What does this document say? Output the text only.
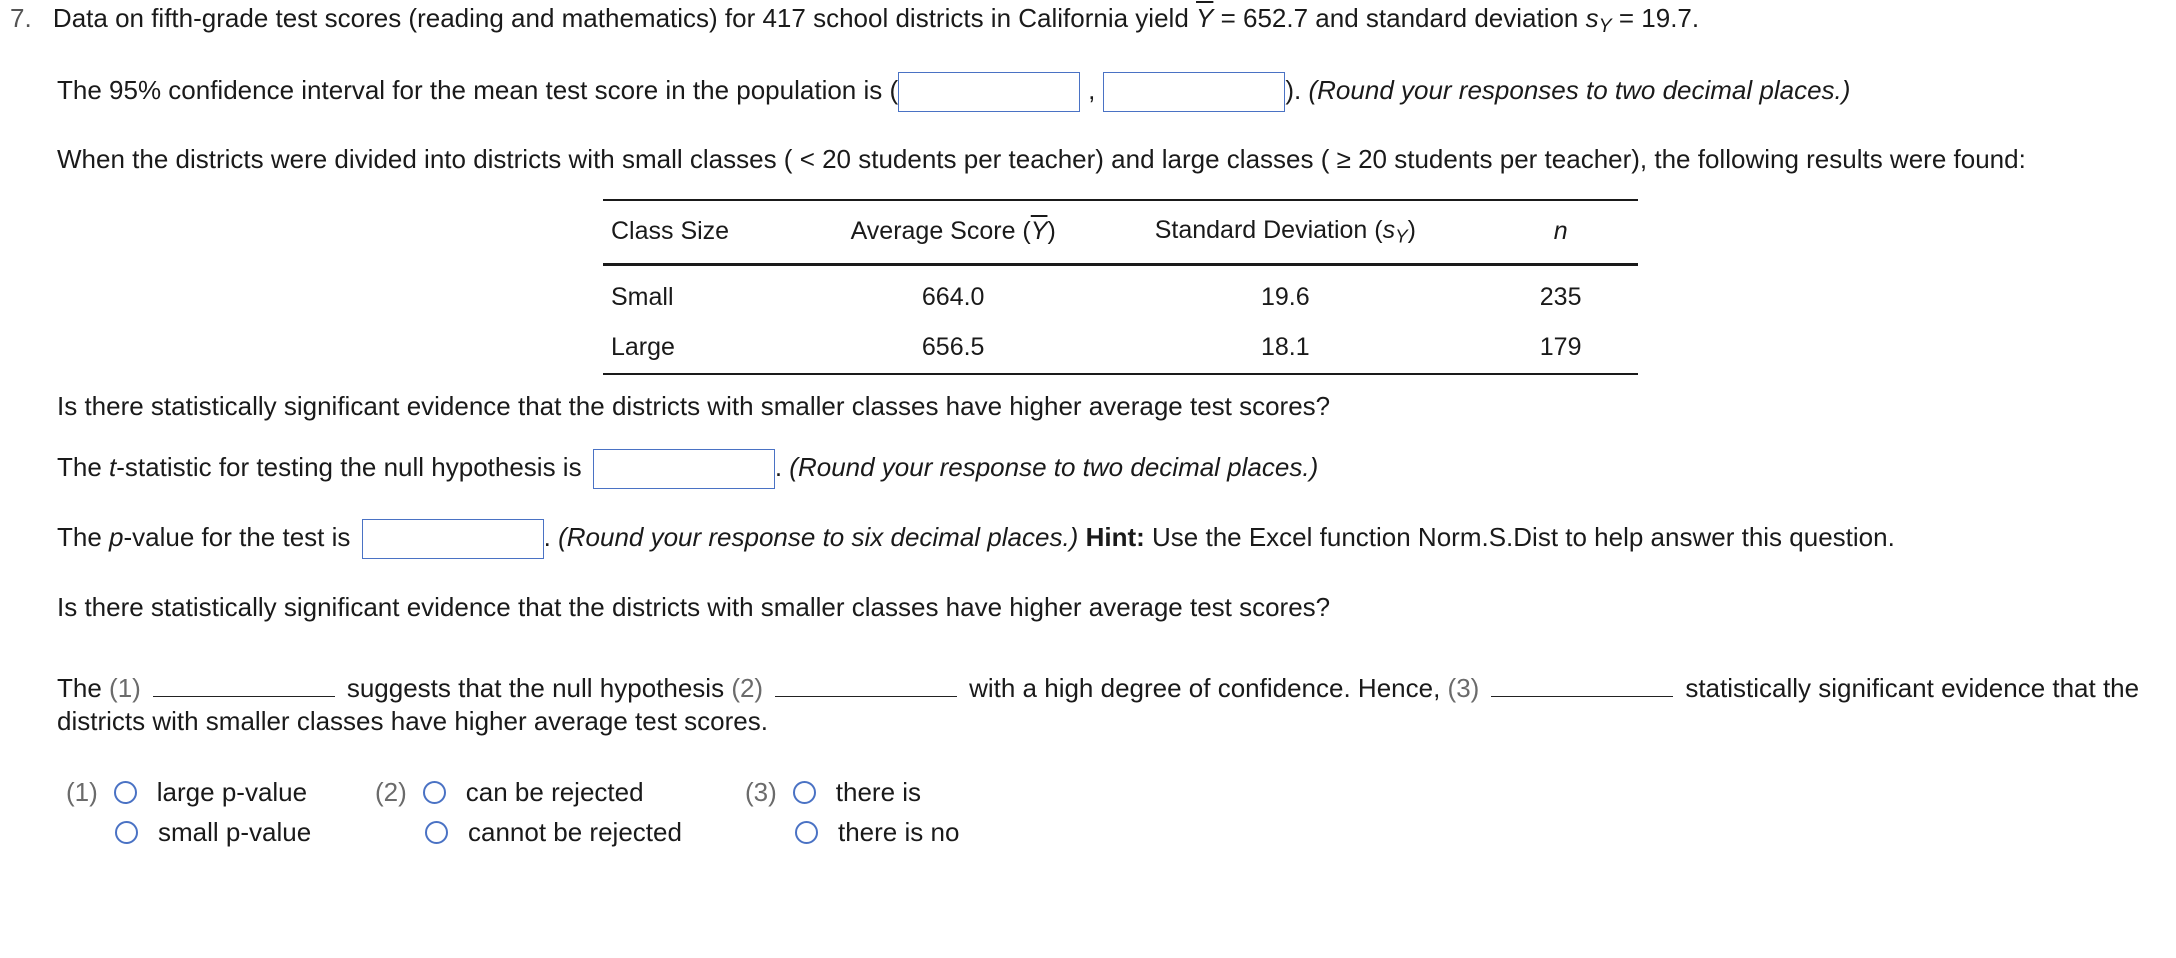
7. Data on fifth-grade test scores (reading and mathematics) for 417 school districts in California yield $\overline{Y} = 652.7$ and standard deviation $s_Y = 19.7$.
The 95% confidence interval for the mean test score in the population is (	,	). (Round your responses to two decimal places.)
When the districts were divided into districts with small classes ( < 20 students per teacher) and large classes ( ≥ 20 students per teacher), the following results were found:
Class Size	Average Score $(\overline{Y})$	Standard Deviation $(s_Y)$	n
Small	664.0	19.6	235
Large	656.5	18.1	179
Is there statistically significant evidence that the districts with smaller classes have higher average test scores?
The t-statistic for testing the null hypothesis is	. (Round your response to two decimal places.)
The p-value for the test is	. (Round your response to six decimal places.) Hint: Use the Excel function Norm.S.Dist to help answer this question.
Is there statistically significant evidence that the districts with smaller classes have higher average test scores?
The (1)	suggests that the null hypothesis (2)	with a high degree of confidence. Hence, (3)	statistically significant evidence that the
districts with smaller classes have higher average test scores.
(1) large p-value
small p-value
(2) can be rejected
cannot be rejected
(3) there is
there is no
